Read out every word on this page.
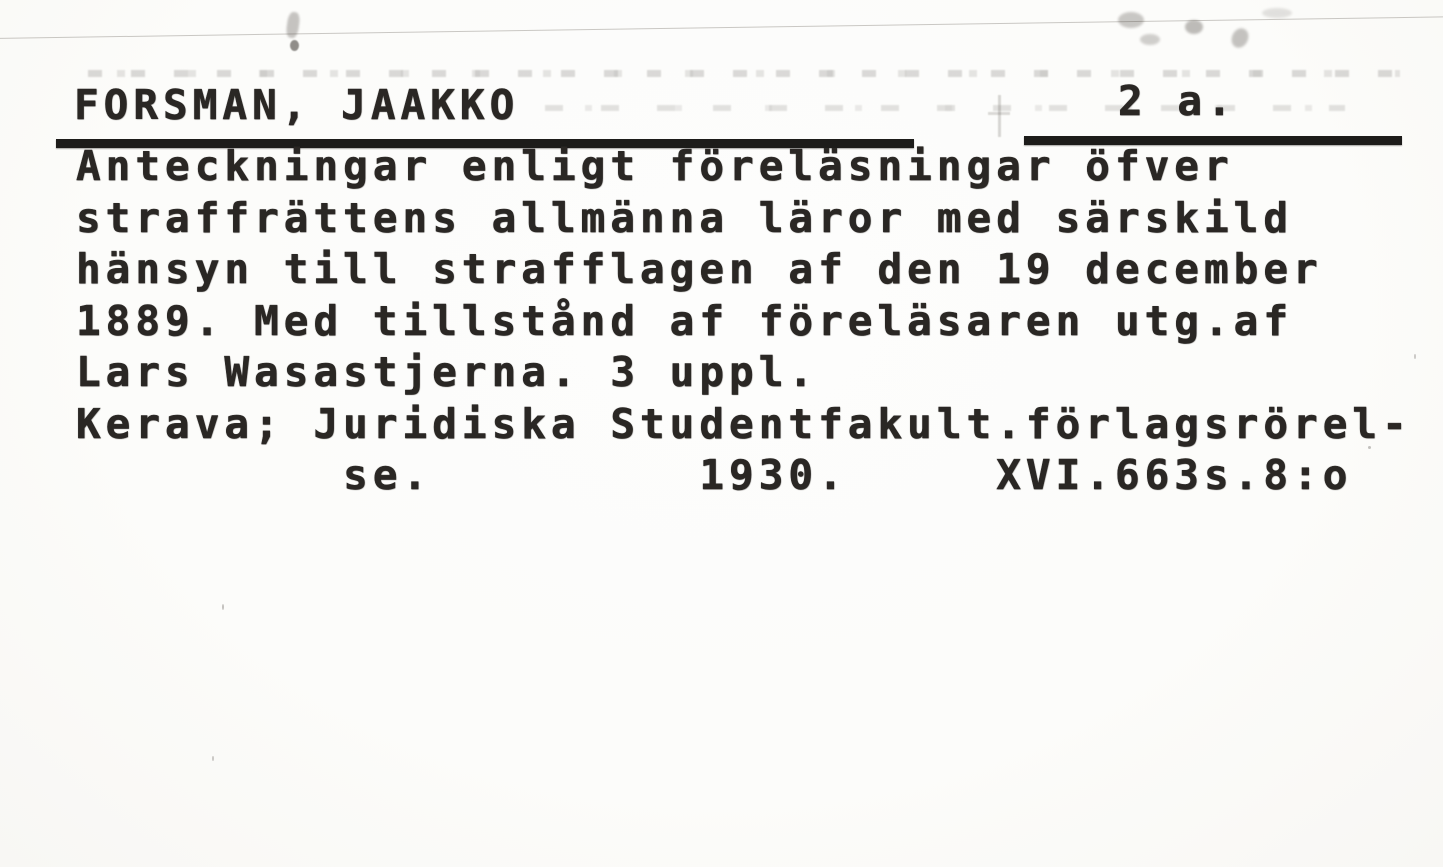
FORSMAN, JAAKKO	2 a.
Anteckningar enligt föreläsningar öfver
straffrättens allmänna läror med särskild
hänsyn till strafflagen af den 19 december
1889. Med tillstånd af föreläsaren utg.af
Lars Wasastjerna. 3 uppl.
Kerava; Juridiska Studentfakult.förlagsrörel-
se.         1930.     XVI.663s.8:o
